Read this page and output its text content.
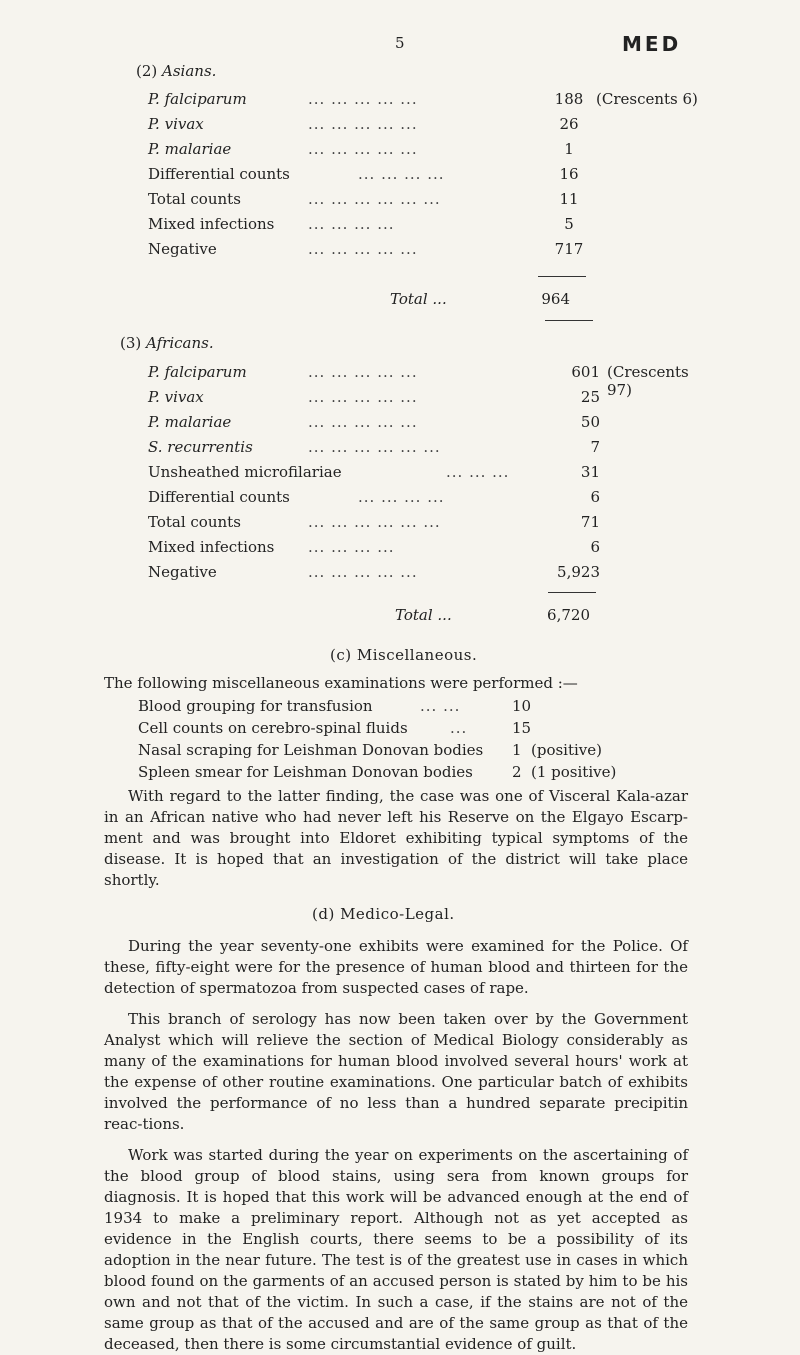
5	MED
(2) Asians.
P. falciparum	... ... ... ... ...	188 (Crescents 6)
P. vivax	... ... ... ... ...	26
P. malariae	... ... ... ... ...	1
Differential counts	... ... ... ...	16
Total counts	... ... ... ... ... ...	11
Mixed infections ... ... ... ...	5
Negative	... ... ... ... ...	717
Total ...	964
(3) Africans.
P. falciparum	... ... ... ... ...	601 (Crescents 97)
P. vivax	... ... ... ... ...	25
P. malariae	... ... ... ... ...	50
S. recurrentis	... ... ... ... ... ...	7
Unsheathed microfilariae	... ... ...	31
Differential counts	... ... ... ...	6
Total counts	... ... ... ... ... ...	71
Mixed infections ... ... ... ...	6
Negative	... ... ... ... ...	5,923
Total ...	6,720
(c) Miscellaneous.
The following miscellaneous examinations were performed :—
Blood grouping for transfusion	... ...	10
Cell counts on cerebro-spinal fluids	...	15
Nasal scraping for Leishman Donovan bodies 1 (positive)
Spleen smear for Leishman Donovan bodies	2 (1 positive)

With regard to the latter finding, the case was one of Visceral Kala-azar in an African native who had never left his Reserve on the Elgayo Escarp-ment and was brought into Eldoret exhibiting typical symptoms of the disease. It is hoped that an investigation of the district will take place shortly.

(d) Medico-Legal.

During the year seventy-one exhibits were examined for the Police. Of these, fifty-eight were for the presence of human blood and thirteen for the detection of spermatozoa from suspected cases of rape.

This branch of serology has now been taken over by the Government Analyst which will relieve the section of Medical Biology considerably as many of the examinations for human blood involved several hours' work at the expense of other routine examinations. One particular batch of exhibits involved the performance of no less than a hundred separate precipitin reac-tions.

Work was started during the year on experiments on the ascertaining of the blood group of blood stains, using sera from known groups for diagnosis. It is hoped that this work will be advanced enough at the end of 1934 to make a preliminary report. Although not as yet accepted as evidence in the English courts, there seems to be a possibility of its adoption in the near future. The test is of the greatest use in cases in which blood found on the garments of an accused person is stated by him to be his own and not that of the victim. In such a case, if the stains are not of the same group as that of the accused and are of the same group as that of the deceased, then there is some circumstantial evidence of guilt.
